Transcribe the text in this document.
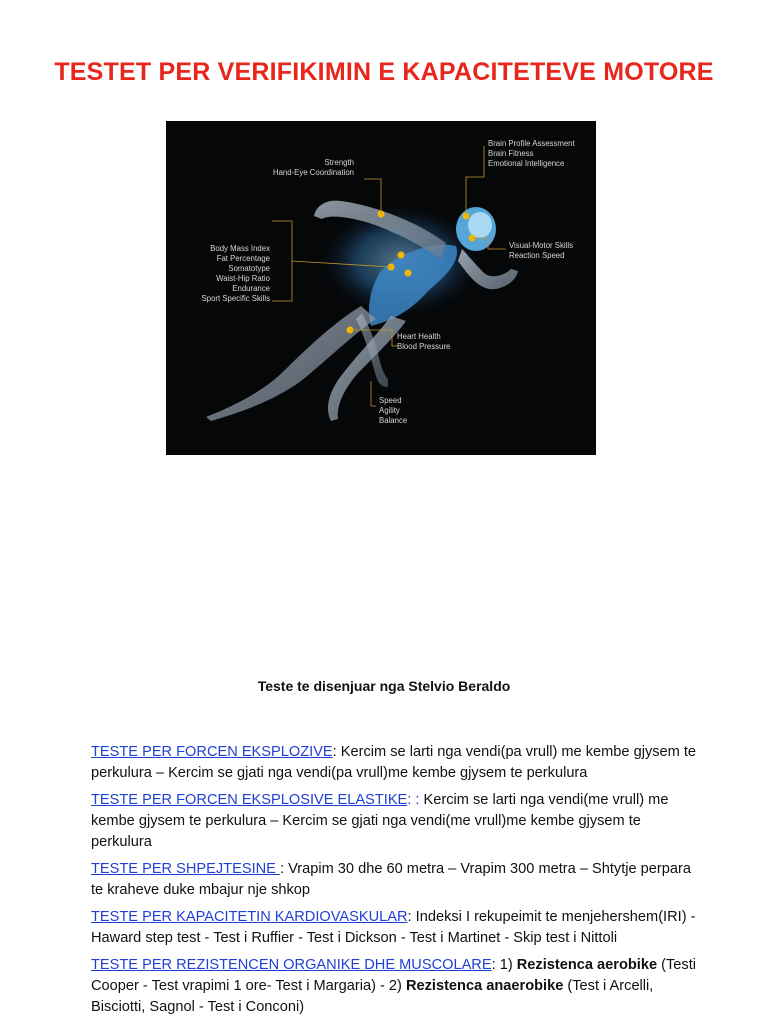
TESTET PER VERIFIKIMIN E KAPACITETEVE MOTORE
Strength
Hand-Eye Coordination
Brain Profile Assessment
Brain Fitness
Emotional Intelligence
Body Mass Index
Fat Percentage
Somatotype
Waist-Hip Ratio
Endurance
Sport Specific Skills
Visual-Motor Skills
Reaction Speed
Heart Health
Blood Pressure
Speed
Agility
Balance
Teste te disenjuar nga Stelvio Beraldo

TESTE PER FORCEN EKSPLOZIVE: Kercim se larti nga vendi(pa vrull) me kembe gjysem te perkulura – Kercim se gjati nga vendi(pa vrull)me kembe gjysem te perkulura

TESTE PER FORCEN EKSPLOSIVE ELASTIKE: : Kercim se larti nga vendi(me vrull) me kembe gjysem te perkulura – Kercim se gjati nga vendi(me vrull)me kembe gjysem te perkulura

TESTE PER SHPEJTESINE : Vrapim 30 dhe 60 metra – Vrapim 300 metra – Shtytje perpara te kraheve duke mbajur nje shkop

TESTE PER KAPACITETIN KARDIOVASKULAR: Indeksi I rekupeimit te menjehershem(IRI) - Haward step test - Test i Ruffier - Test i Dickson - Test i Martinet - Skip test i Nittoli

TESTE PER REZISTENCEN ORGANIKE DHE MUSCOLARE: 1) Rezistenca aerobike (Testi Cooper - Test vrapimi 1 ore- Test i Margaria) - 2) Rezistenca anaerobike (Test i Arcelli, Bisciotti, Sagnol - Test i Conconi)
